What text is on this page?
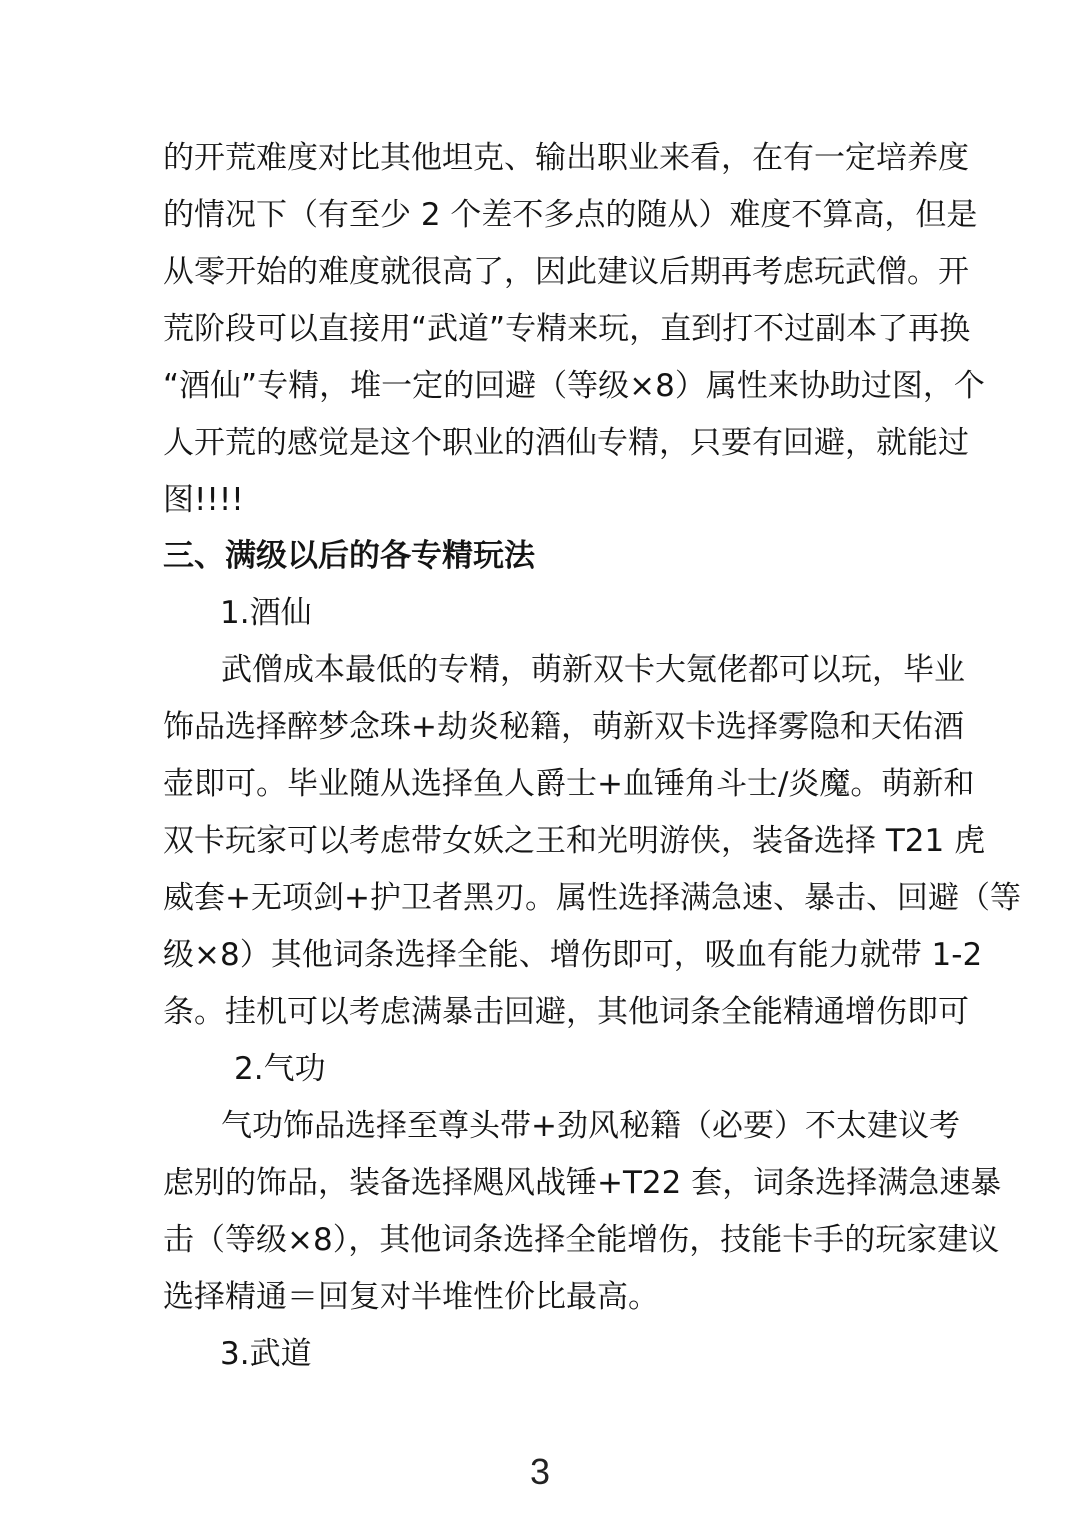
的开荒难度对比其他坦克、输出职业来看，在有一定培养度
的情况下（有至少 2 个差不多点的随从）难度不算高，但是
从零开始的难度就很高了，因此建议后期再考虑玩武僧。开
荒阶段可以直接用“武道”专精来玩，直到打不过副本了再换
“酒仙”专精，堆一定的回避（等级×8）属性来协助过图，个
人开荒的感觉是这个职业的酒仙专精，只要有回避，就能过
图!!!!
三、满级以后的各专精玩法
1.酒仙
武僧成本最低的专精，萌新双卡大氪佬都可以玩，毕业
饰品选择醉梦念珠+劫炎秘籍，萌新双卡选择雾隐和天佑酒
壶即可。毕业随从选择鱼人爵士+血锤角斗士/炎魔。萌新和
双卡玩家可以考虑带女妖之王和光明游侠，装备选择 T21 虎
威套+无项剑+护卫者黑刃。属性选择满急速、暴击、回避（等
级×8）其他词条选择全能、增伤即可，吸血有能力就带 1-2
条。挂机可以考虑满暴击回避，其他词条全能精通增伤即可
2.气功
气功饰品选择至尊头带+劲风秘籍（必要）不太建议考
虑别的饰品，装备选择飓风战锤+T22 套，词条选择满急速暴
击（等级×8），其他词条选择全能增伤，技能卡手的玩家建议
选择精通＝回复对半堆性价比最高。
3.武道
3
